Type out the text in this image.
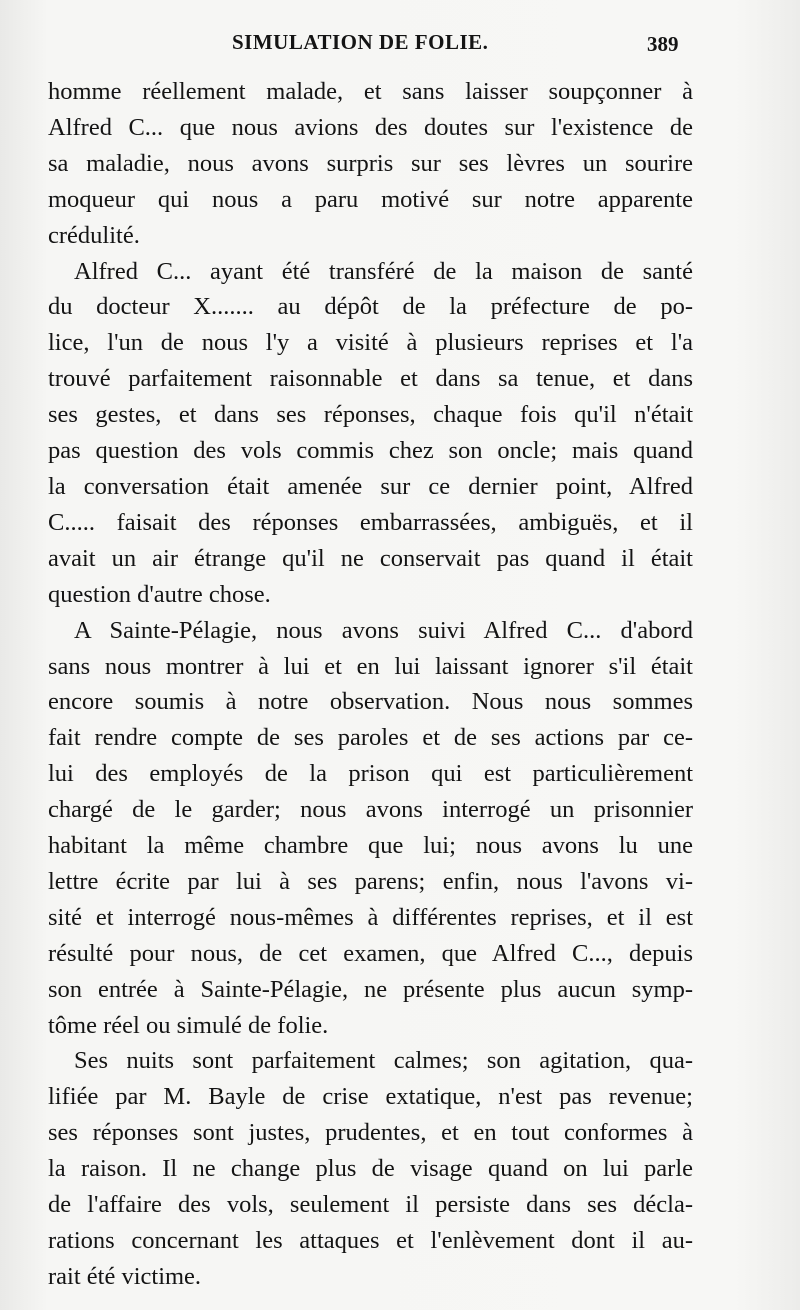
SIMULATION DE FOLIE.	389
homme réellement malade, et sans laisser soupçonner à
Alfred C... que nous avions des doutes sur l'existence de
sa maladie, nous avons surpris sur ses lèvres un sourire
moqueur qui nous a paru motivé sur notre apparente
crédulité.
Alfred C... ayant été transféré de la maison de santé
du docteur X....... au dépôt de la préfecture de po-
lice, l'un de nous l'y a visité à plusieurs reprises et l'a
trouvé parfaitement raisonnable et dans sa tenue, et dans
ses gestes, et dans ses réponses, chaque fois qu'il n'était
pas question des vols commis chez son oncle; mais quand
la conversation était amenée sur ce dernier point, Alfred
C..... faisait des réponses embarrassées, ambiguës, et il
avait un air étrange qu'il ne conservait pas quand il était
question d'autre chose.
A Sainte-Pélagie, nous avons suivi Alfred C... d'abord
sans nous montrer à lui et en lui laissant ignorer s'il était
encore soumis à notre observation. Nous nous sommes
fait rendre compte de ses paroles et de ses actions par ce-
lui des employés de la prison qui est particulièrement
chargé de le garder; nous avons interrogé un prisonnier
habitant la même chambre que lui; nous avons lu une
lettre écrite par lui à ses parens; enfin, nous l'avons vi-
sité et interrogé nous-mêmes à différentes reprises, et il est
résulté pour nous, de cet examen, que Alfred C..., depuis
son entrée à Sainte-Pélagie, ne présente plus aucun symp-
tôme réel ou simulé de folie.
Ses nuits sont parfaitement calmes; son agitation, qua-
lifiée par M. Bayle de crise extatique, n'est pas revenue;
ses réponses sont justes, prudentes, et en tout conformes à
la raison. Il ne change plus de visage quand on lui parle
de l'affaire des vols, seulement il persiste dans ses décla-
rations concernant les attaques et l'enlèvement dont il au-
rait été victime.
